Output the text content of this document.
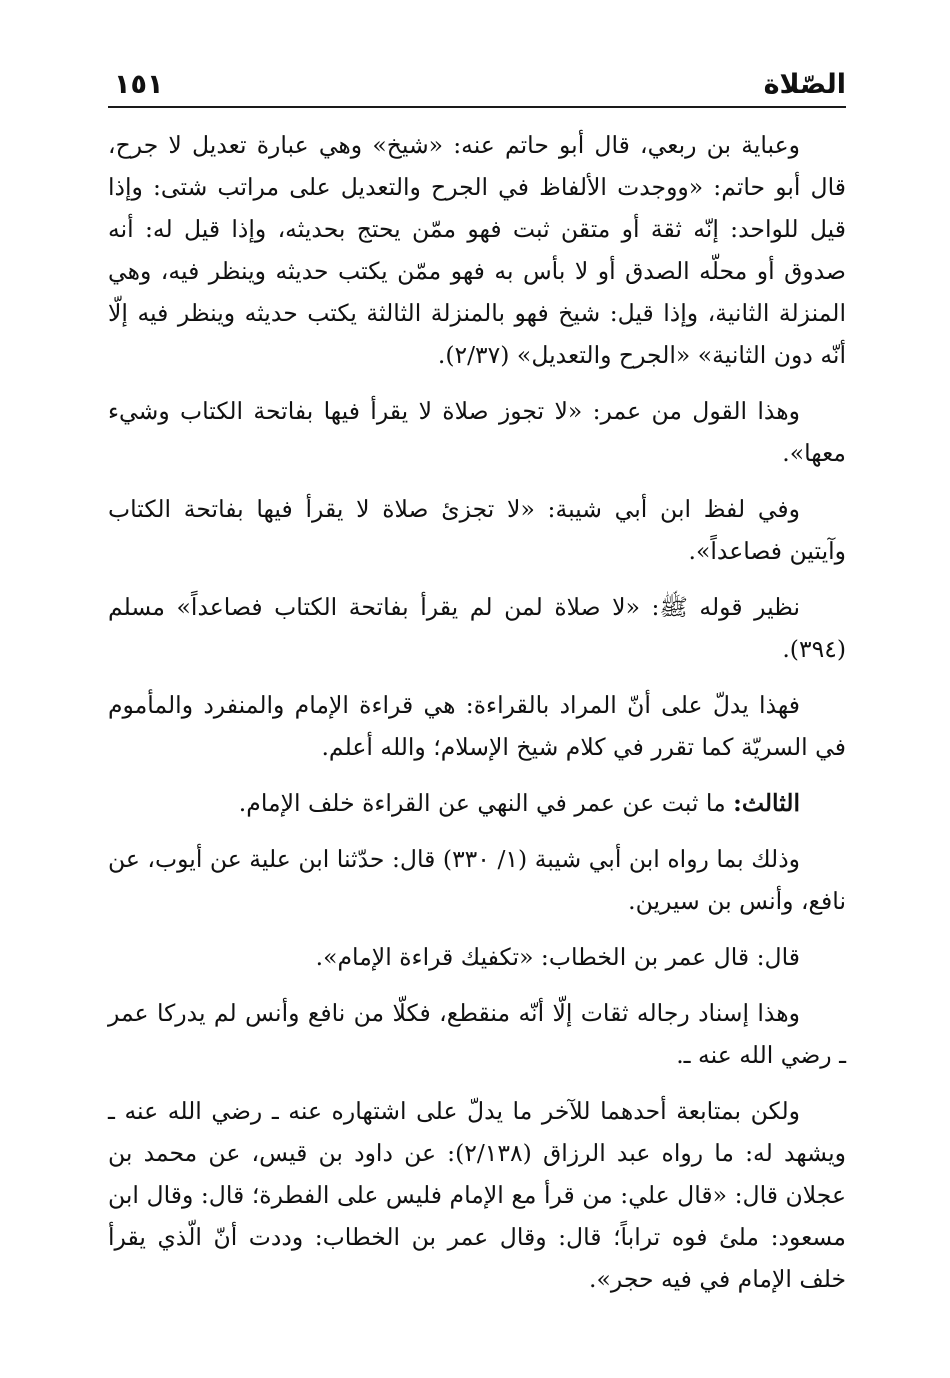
الصّلاة
١٥١

وعباية بن ربعي، قال أبو حاتم عنه: «شيخ» وهي عبارة تعديل لا جرح، قال أبو حاتم: «ووجدت الألفاظ في الجرح والتعديل على مراتب شتى: وإذا قيل للواحد: إنّه ثقة أو متقن ثبت فهو ممّن يحتج بحديثه، وإذا قيل له: أنه صدوق أو محلّه الصدق أو لا بأس به فهو ممّن يكتب حديثه وينظر فيه، وهي المنزلة الثانية، وإذا قيل: شيخ فهو بالمنزلة الثالثة يكتب حديثه وينظر فيه إلّا أنّه دون الثانية» «الجرح والتعديل» (٢/٣٧).

وهذا القول من عمر: «لا تجوز صلاة لا يقرأ فيها بفاتحة الكتاب وشيء معها».

وفي لفظ ابن أبي شيبة: «لا تجزئ صلاة لا يقرأ فيها بفاتحة الكتاب وآيتين فصاعداً».

نظير قوله ﷺ: «لا صلاة لمن لم يقرأ بفاتحة الكتاب فصاعداً» مسلم (٣٩٤).

فهذا يدلّ على أنّ المراد بالقراءة: هي قراءة الإمام والمنفرد والمأموم في السريّة كما تقرر في كلام شيخ الإسلام؛ والله أعلم.

الثالث: ما ثبت عن عمر في النهي عن القراءة خلف الإمام.

وذلك بما رواه ابن أبي شيبة (١/ ٣٣٠) قال: حدّثنا ابن علية عن أيوب، عن نافع، وأنس بن سيرين.

قال: قال عمر بن الخطاب: «تكفيك قراءة الإمام».

وهذا إسناد رجاله ثقات إلّا أنّه منقطع، فكلّا من نافع وأنس لم يدركا عمر ـ رضي الله عنه ـ.

ولكن بمتابعة أحدهما للآخر ما يدلّ على اشتهاره عنه ـ رضي الله عنه ـ ويشهد له: ما رواه عبد الرزاق (٢/١٣٨): عن داود بن قيس، عن محمد بن عجلان قال: «قال علي: من قرأ مع الإمام فليس على الفطرة؛ قال: وقال ابن مسعود: ملئ فوه تراباً؛ قال: وقال عمر بن الخطاب: وددت أنّ الّذي يقرأ خلف الإمام في فيه حجر».
